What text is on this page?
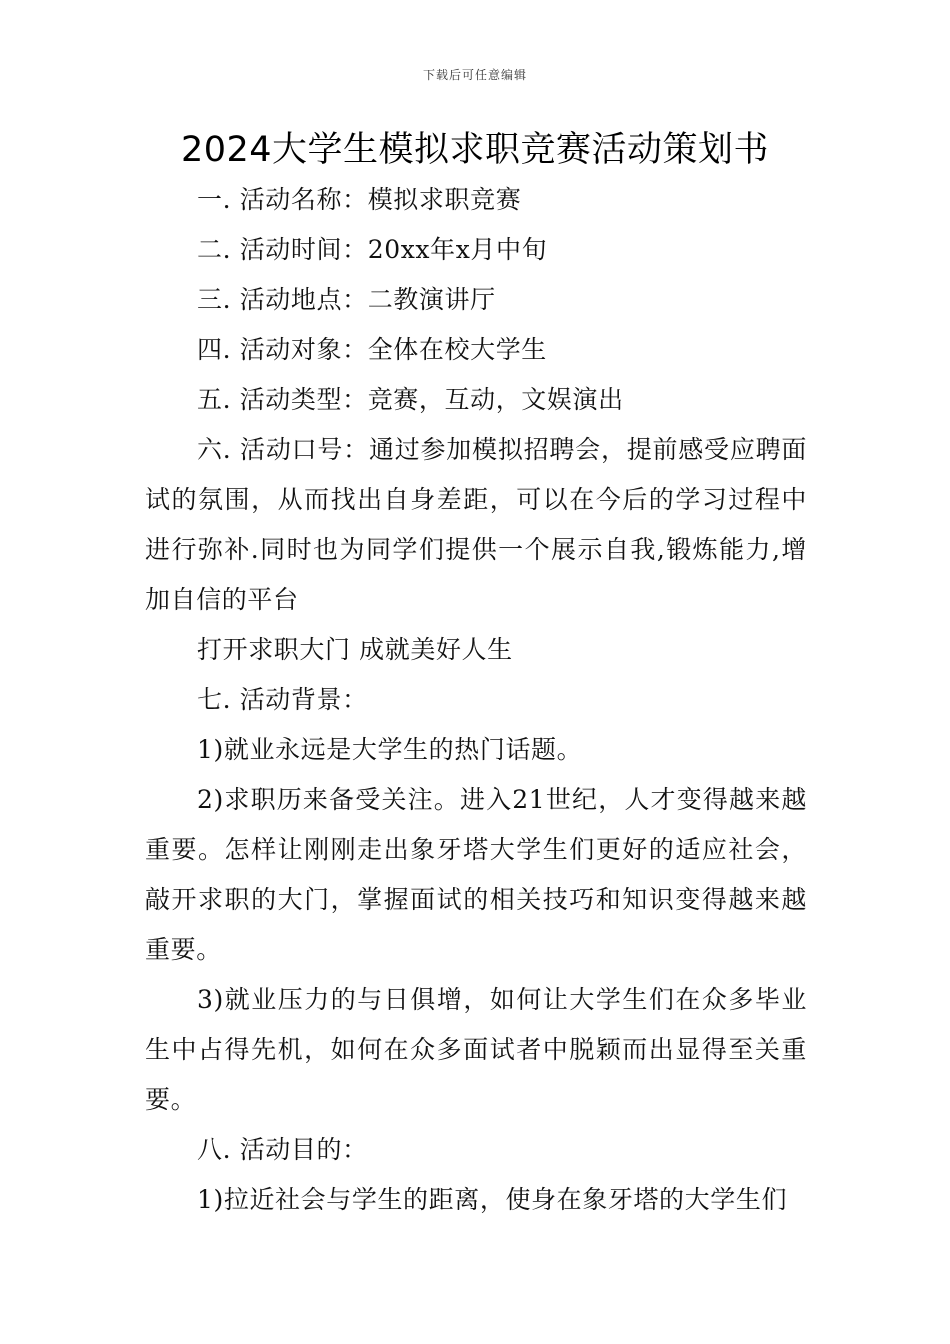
下载后可任意编辑
2024大学生模拟求职竞赛活动策划书

一. 活动名称：模拟求职竞赛

二. 活动时间：20xx年x月中旬

三. 活动地点：二教演讲厅

四. 活动对象：全体在校大学生

五. 活动类型：竞赛，互动，文娱演出

六. 活动口号：通过参加模拟招聘会，提前感受应聘面试的氛围，从而找出自身差距，可以在今后的学习过程中进行弥补.同时也为同学们提供一个展示自我,锻炼能力,增加自信的平台

打开求职大门 成就美好人生

七. 活动背景：

1)就业永远是大学生的热门话题。

2)求职历来备受关注。进入21世纪，人才变得越来越重要。怎样让刚刚走出象牙塔大学生们更好的适应社会，敲开求职的大门，掌握面试的相关技巧和知识变得越来越重要。

3)就业压力的与日俱增，如何让大学生们在众多毕业生中占得先机，如何在众多面试者中脱颖而出显得至关重要。

八. 活动目的：

1)拉近社会与学生的距离，使身在象牙塔的大学生们
